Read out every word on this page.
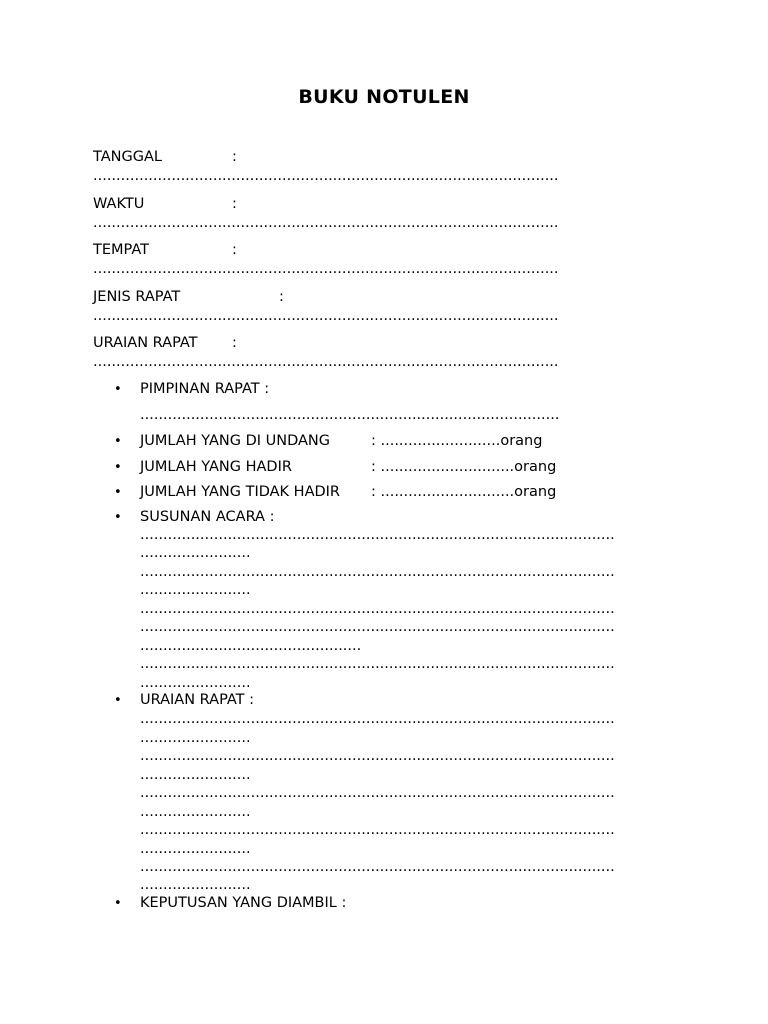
BUKU NOTULEN
TANGGAL	:
.....................................................................................................
WAKTU	:
.....................................................................................................
TEMPAT	:
.....................................................................................................
JENIS RAPAT	:
.....................................................................................................
URAIAN RAPAT :
.....................................................................................................
• PIMPINAN RAPAT :
...........................................................................................
• JUMLAH YANG DI UNDANG	: ..........................orang
• JUMLAH YANG HADIR	: .............................orang
• JUMLAH YANG TIDAK HADIR : .............................orang
• SUSUNAN ACARA :
.......................................................................................................
........................
.......................................................................................................
........................
.......................................................................................................
.......................................................................................................
................................................
.......................................................................................................
........................
• URAIAN RAPAT :
.......................................................................................................
........................
.......................................................................................................
........................
.......................................................................................................
........................
.......................................................................................................
........................
.......................................................................................................
........................
• KEPUTUSAN YANG DIAMBIL :
